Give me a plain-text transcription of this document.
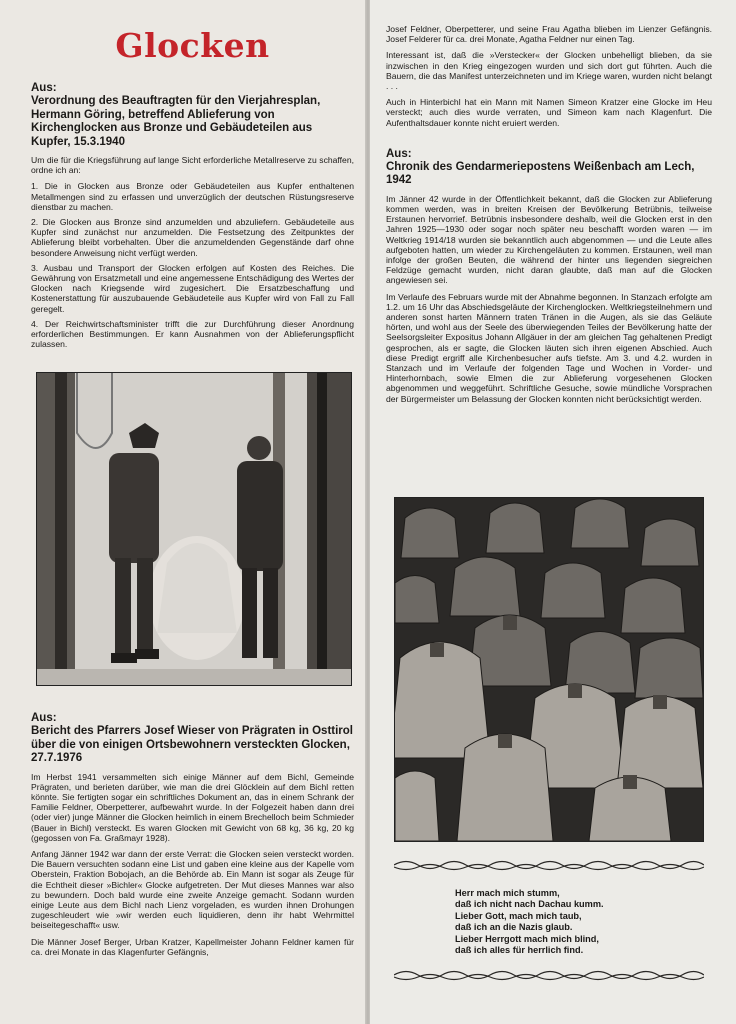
Glocken

Aus:

Verordnung des Beauftragten für den Vierjahresplan, Hermann Göring, betreffend Ablieferung von Kirchenglocken aus Bronze und Gebäudeteilen aus Kupfer, 15.3.1940

Um die für die Kriegsführung auf lange Sicht erforderliche Metallreserve zu schaffen, ordne ich an:

1. Die in Glocken aus Bronze oder Gebäudeteilen aus Kupfer enthaltenen Metallmengen sind zu erfassen und unverzüglich der deutschen Rüstungsreserve dienstbar zu machen.

2. Die Glocken aus Bronze sind anzumelden und abzuliefern. Gebäudeteile aus Kupfer sind zunächst nur anzumelden. Die Festsetzung des Zeitpunktes der Ablieferung bleibt vorbehalten. Über die anzumeldenden Gegenstände darf ohne besondere Anweisung nicht verfügt werden.

3. Ausbau und Transport der Glocken erfolgen auf Kosten des Reiches. Die Gewährung von Ersatzmetall und eine angemessene Entschädigung des Wertes der Glocken nach Kriegsende wird zugesichert. Die Ersatzbeschaffung und Kostenerstattung für auszubauende Gebäudeteile aus Kupfer wird von Fall zu Fall geregelt.

4. Der Reichwirtschaftsminister trifft die zur Durchführung dieser Anordnung erforderlichen Bestimmungen. Er kann Ausnahmen von der Ablieferungspflicht zulassen.

Aus:

Bericht des Pfarrers Josef Wieser von Prägraten in Osttirol über die von einigen Ortsbewohnern versteckten Glocken, 27.7.1976

Im Herbst 1941 versammelten sich einige Männer auf dem Bichl, Gemeinde Prägraten, und berieten darüber, wie man die drei Glöcklein auf dem Bichl retten könnte. Sie fertigten sogar ein schriftliches Dokument an, das in einem Schrank der Familie Feldner, Oberpetterer, aufbewahrt wurde. In der Folgezeit haben dann drei (oder vier) junge Männer die Glocken heimlich in einem Brechelloch beim Schmieder (Bauer in Bichl) versteckt. Es waren Glocken mit Gewicht von 68 kg, 36 kg, 20 kg (gegossen von Fa. Graßmayr 1928).

Anfang Jänner 1942 war dann der erste Verrat: die Glocken seien versteckt worden. Die Bauern versuchten sodann eine List und gaben eine kleine aus der Kapelle vom Oberstein, Fraktion Bobojach, an die Behörde ab. Ein Mann ist sogar als Zeuge für die Echtheit dieser »Bichler« Glocke aufgetreten. Der Mut dieses Mannes war also zu bewundern. Doch bald wurde eine zweite Anzeige gemacht. Sodann wurden einige Leute aus dem Bichl nach Lienz vorgeladen, es wurden ihnen Drohungen zugeschleudert wie »wir werden euch liquidieren, denn ihr habt Wehrmittel beiseitegeschafft« usw.

Die Männer Josef Berger, Urban Kratzer, Kapellmeister Johann Feldner kamen für ca. drei Monate in das Klagenfurter Gefängnis,

Josef Feldner, Oberpetterer, und seine Frau Agatha blieben im Lienzer Gefängnis. Josef Felderer für ca. drei Monate, Agatha Feldner nur einen Tag.

Interessant ist, daß die »Verstecker« der Glocken unbehelligt blieben, da sie inzwischen in den Krieg eingezogen wurden und sich dort gut führten. Auch die Bauern, die das Manifest unterzeichneten und im Kriege waren, wurden nicht belangt . . .

Auch in Hinterbichl hat ein Mann mit Namen Simeon Kratzer eine Glocke im Heu versteckt; auch dies wurde verraten, und Simeon kam nach Klagenfurt. Die Aufenthaltsdauer konnte nicht eruiert werden.

Aus:

Chronik des Gendarmeriepostens Weißenbach am Lech, 1942

Im Jänner 42 wurde in der Öffentlichkeit bekannt, daß die Glocken zur Ablieferung kommen werden, was in breiten Kreisen der Bevölkerung Betrübnis, teilweise Erstaunen hervorrief. Betrübnis insbesondere deshalb, weil die Glocken erst in den Jahren 1925—1930 oder sogar noch später neu beschafft worden waren — im Weltkrieg 1914/18 wurden sie bekanntlich auch abgenommen — und die Leute alles aufgeboten hatten, um wieder zu Kirchengeläuten zu kommen. Erstaunen, weil man infolge der großen Beuten, die während der hinter uns liegenden siegreichen Feldzüge gemacht wurden, nicht daran glaubte, daß man auf die Glocken angewiesen sei.

Im Verlaufe des Februars wurde mit der Abnahme begonnen. In Stanzach erfolgte am 1.2. um 16 Uhr das Abschiedsgeläute der Kirchenglocken. Weltkriegsteilnehmern und anderen sonst harten Männern traten Tränen in die Augen, als sie das Geläute hörten, und wohl aus der Seele des überwiegenden Teiles der Bevölkerung hatte der Seelsorgsleiter Expositus Johann Allgäuer in der am gleichen Tag gehaltenen Predigt gesprochen, als er sagte, die Glocken läuten sich ihren eigenen Abschied. Auch diese Predigt ergriff alle Kirchenbesucher aufs tiefste. Am 3. und 4.2. wurden in Stanzach und im Verlaufe der folgenden Tage und Wochen in Vorder- und Hinterhornbach, sowie Elmen die zur Ablieferung vorgesehenen Glocken abgenommen und weggeführt. Schriftliche Gesuche, sowie mündliche Vorsprachen der Bürgermeister um Belassung der Glocken konnten nicht berücksichtigt werden.

Herr mach mich stumm,
daß ich nicht nach Dachau kumm.
Lieber Gott, mach mich taub,
daß ich an die Nazis glaub.
Lieber Herrgott mach mich blind,
daß ich alles für herrlich find.
